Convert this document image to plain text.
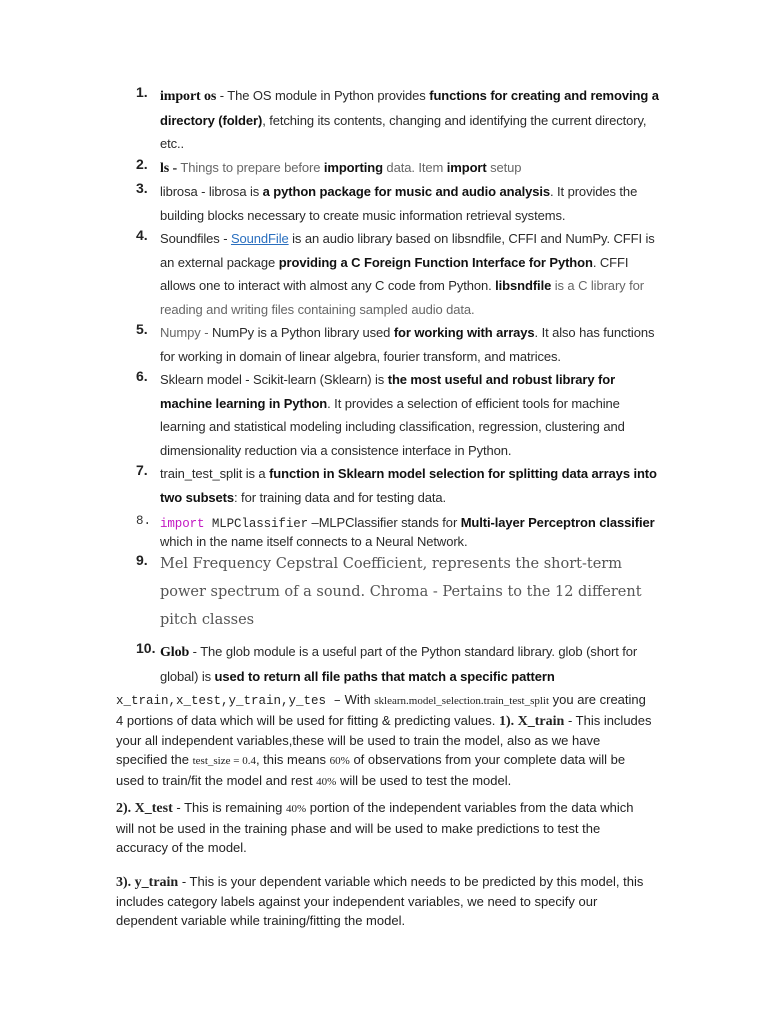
1. import os - The OS module in Python provides functions for creating and removing a directory (folder), fetching its contents, changing and identifying the current directory, etc..
2. ls - Things to prepare before importing data. Item import setup
3. librosa - librosa is a python package for music and audio analysis. It provides the building blocks necessary to create music information retrieval systems.
4. Soundfiles - SoundFile is an audio library based on libsndfile, CFFI and NumPy. CFFI is an external package providing a C Foreign Function Interface for Python. CFFI allows one to interact with almost any C code from Python. libsndfile is a C library for reading and writing files containing sampled audio data.
5. Numpy - NumPy is a Python library used for working with arrays. It also has functions for working in domain of linear algebra, fourier transform, and matrices.
6. Sklearn model - Scikit-learn (Sklearn) is the most useful and robust library for machine learning in Python. It provides a selection of efficient tools for machine learning and statistical modeling including classification, regression, clustering and dimensionality reduction via a consistence interface in Python.
7. train_test_split is a function in Sklearn model selection for splitting data arrays into two subsets: for training data and for testing data.
8. import MLPClassifier –MLPClassifier stands for Multi-layer Perceptron classifier which in the name itself connects to a Neural Network.
9. Mel Frequency Cepstral Coefficient, represents the short-term power spectrum of a sound. Chroma - Pertains to the 12 different pitch classes
10. Glob - The glob module is a useful part of the Python standard library. glob (short for global) is used to return all file paths that match a specific pattern

x_train,x_test,y_train,y_tes – With sklearn.model_selection.train_test_split you are creating 4 portions of data which will be used for fitting & predicting values. 1). X_train - This includes your all independent variables,these will be used to train the model, also as we have specified the test_size = 0.4, this means 60% of observations from your complete data will be used to train/fit the model and rest 40% will be used to test the model.

2). X_test - This is remaining 40% portion of the independent variables from the data which will not be used in the training phase and will be used to make predictions to test the accuracy of the model.

3). y_train - This is your dependent variable which needs to be predicted by this model, this includes category labels against your independent variables, we need to specify our dependent variable while training/fitting the model.
